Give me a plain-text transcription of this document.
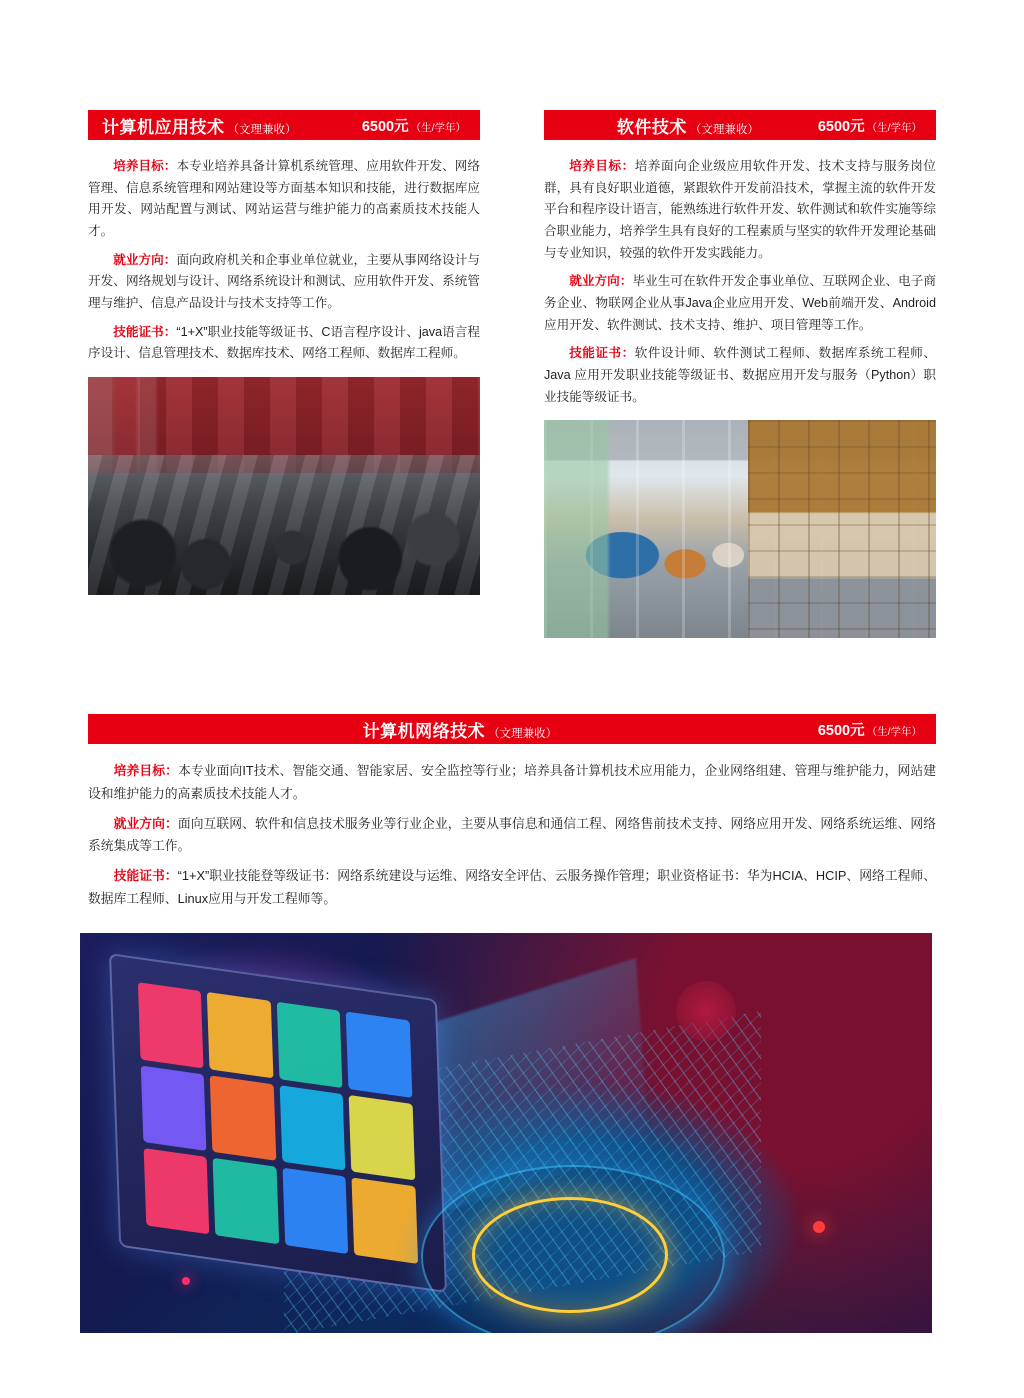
计算机应用技术 （文理兼收）	6500元 （生/学年）

培养目标：本专业培养具备计算机系统管理、应用软件开发、网络管理、信息系统管理和网站建设等方面基本知识和技能，进行数据库应用开发、网站配置与测试、网站运营与维护能力的高素质技术技能人才。

就业方向：面向政府机关和企事业单位就业，主要从事网络设计与开发、网络规划与设计、网络系统设计和测试、应用软件开发、系统管理与维护、信息产品设计与技术支持等工作。

技能证书：“1+X”职业技能等级证书、C语言程序设计、java语言程序设计、信息管理技术、数据库技术、网络工程师、数据库工程师。

软件技术 （文理兼收）	6500元 （生/学年）

培养目标：培养面向企业级应用软件开发、技术支持与服务岗位群，具有良好职业道德，紧跟软件开发前沿技术，掌握主流的软件开发平台和程序设计语言，能熟练进行软件开发、软件测试和软件实施等综合职业能力，培养学生具有良好的工程素质与坚实的软件开发理论基础与专业知识，较强的软件开发实践能力。

就业方向：毕业生可在软件开发企事业单位、互联网企业、电子商务企业、物联网企业从事Java企业应用开发、Web前端开发、Android应用开发、软件测试、技术支持、维护、项目管理等工作。

技能证书：软件设计师、软件测试工程师、数据库系统工程师、Java 应用开发职业技能等级证书、数据应用开发与服务（Python）职业技能等级证书。

计算机网络技术 （文理兼收）	6500元 （生/学年）

培养目标：本专业面向IT技术、智能交通、智能家居、安全监控等行业；培养具备计算机技术应用能力，企业网络组建、管理与维护能力，网站建设和维护能力的高素质技术技能人才。

就业方向：面向互联网、软件和信息技术服务业等行业企业，主要从事信息和通信工程、网络售前技术支持、网络应用开发、网络系统运维、网络系统集成等工作。

技能证书：“1+X”职业技能登等级证书：网络系统建设与运维、网络安全评估、云服务操作管理；职业资格证书：华为HCIA、HCIP、网络工程师、数据库工程师、Linux应用与开发工程师等。
